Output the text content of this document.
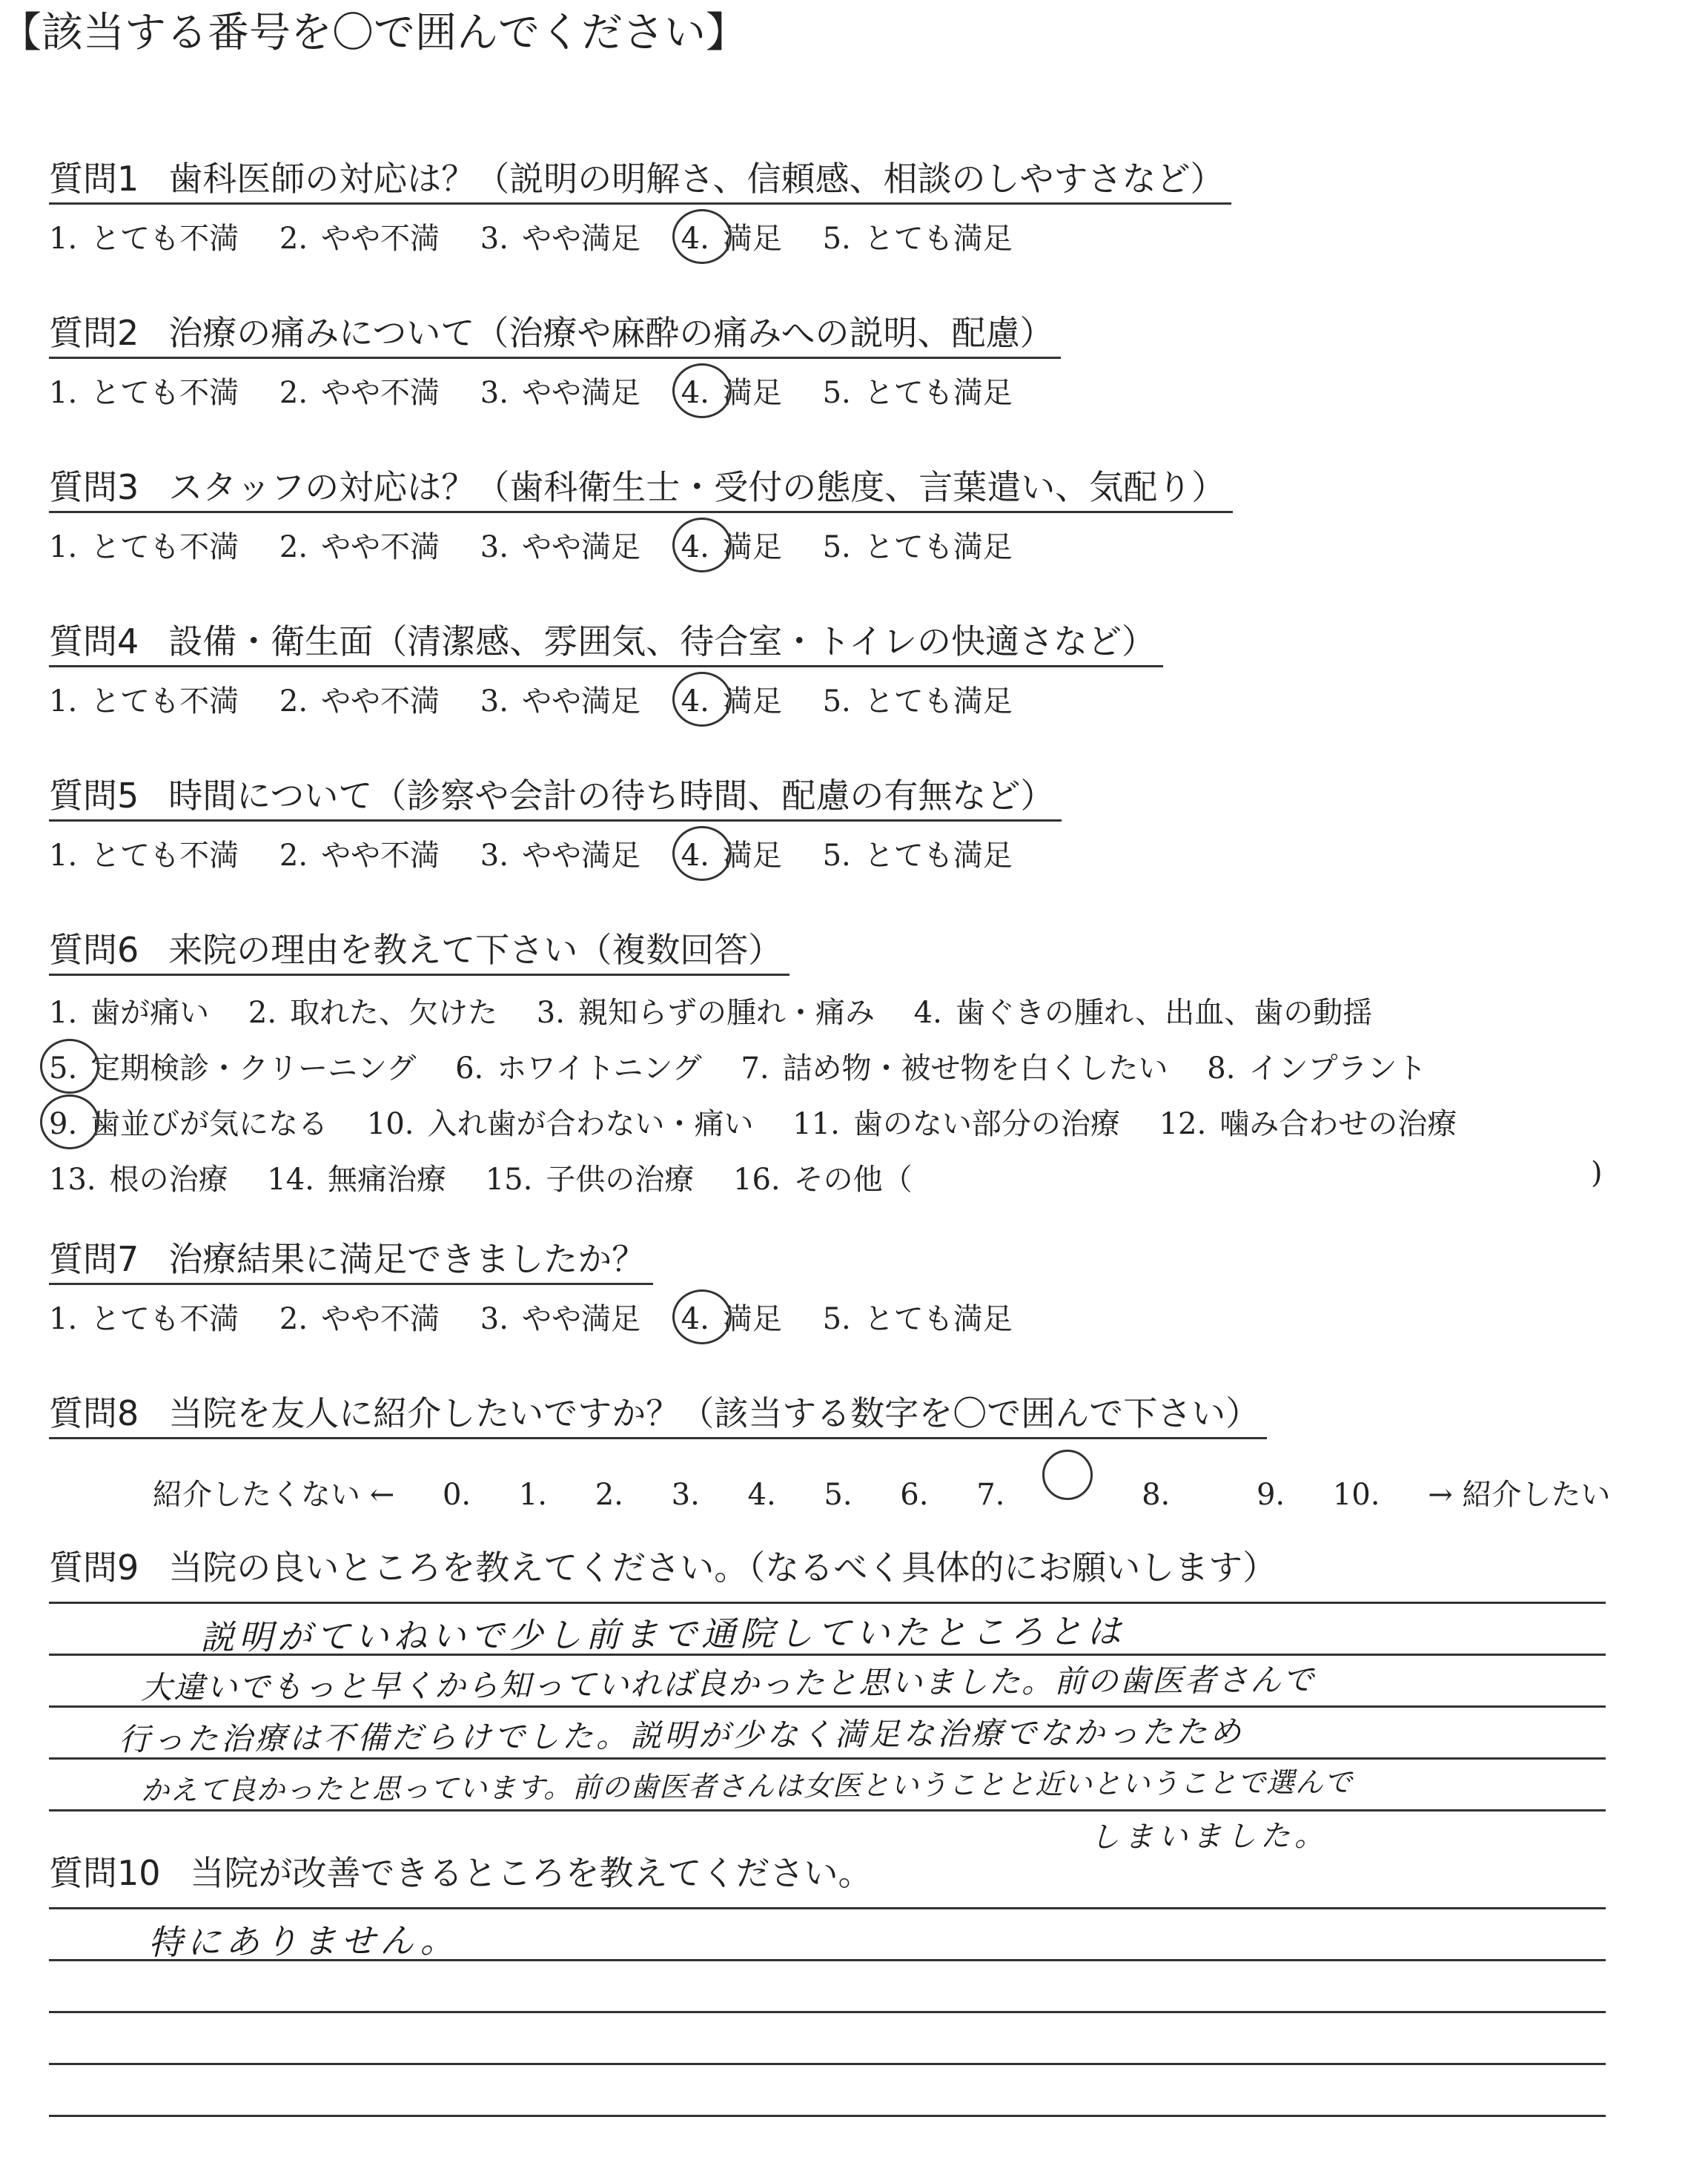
【該当する番号を〇で囲んでください】
質問1 歯科医師の対応は？（説明の明解さ、信頼感、相談のしやすさなど）
1. とても不満 2. やや不満 3. やや満足 4. 満足 5. とても満足
質問2 治療の痛みについて（治療や麻酔の痛みへの説明、配慮）
1. とても不満 2. やや不満 3. やや満足 4. 満足 5. とても満足
質問3 スタッフの対応は？（歯科衛生士・受付の態度、言葉遣い、気配り）
1. とても不満 2. やや不満 3. やや満足 4. 満足 5. とても満足
質問4 設備・衛生面（清潔感、雰囲気、待合室・トイレの快適さなど）
1. とても不満 2. やや不満 3. やや満足 4. 満足 5. とても満足
質問5 時間について（診察や会計の待ち時間、配慮の有無など）
1. とても不満 2. やや不満 3. やや満足 4. 満足 5. とても満足
質問6 来院の理由を教えて下さい（複数回答）
1. 歯が痛い 2. 取れた、欠けた 3. 親知らずの腫れ・痛み 4. 歯ぐきの腫れ、出血、歯の動揺
5. 定期検診・クリーニング 6. ホワイトニング 7. 詰め物・被せ物を白くしたい 8. インプラント
9. 歯並びが気になる 10. 入れ歯が合わない・痛い 11. 歯のない部分の治療 12. 噛み合わせの治療
13. 根の治療 14. 無痛治療 15. 子供の治療 16. その他（	)
質問7 治療結果に満足できましたか？
1. とても不満 2. やや不満 3. やや満足 4. 満足 5. とても満足
質問8 当院を友人に紹介したいですか？（該当する数字を〇で囲んで下さい）
紹介したくない ← 0. 1. 2. 3. 4. 5. 6. 7.	8.	9. 10. → 紹介したい
質問9 当院の良いところを教えてください。（なるべく具体的にお願いします）
説明がていねいで少し前まで通院していたところとは
大違いでもっと早くから知っていれば良かったと思いました。前の歯医者さんで
行った治療は不備だらけでした。説明が少なく満足な治療でなかったため
かえて良かったと思っています。前の歯医者さんは女医ということと近いということで選んで
しまいました。
質問10 当院が改善できるところを教えてください。
特にありません。
